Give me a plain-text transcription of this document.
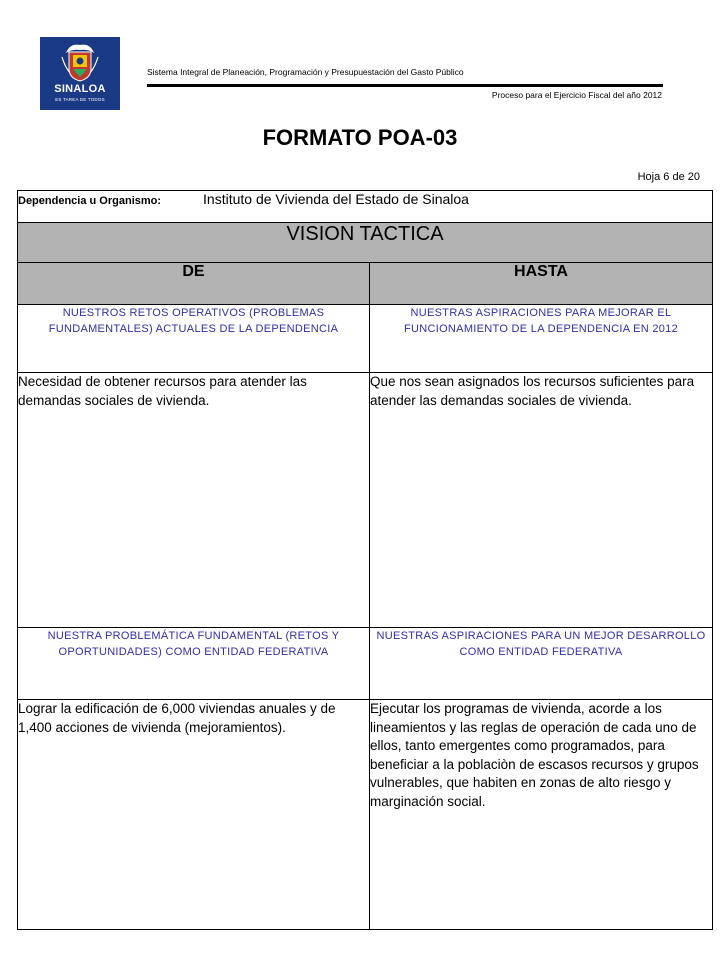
SINALOA
ES TAREA DE TODOS
Sistema Integral de Planeación, Programación y Presupuestación del Gasto Público
Proceso para el Ejercicio Fiscal del año 2012
FORMATO POA-03
Hoja 6 de 20
Dependencia u Organismo: Instituto de Vivienda del Estado de Sinaloa	
VISION TACTICA	
DE	HASTA
NUESTROS RETOS OPERATIVOS (PROBLEMAS FUNDAMENTALES) ACTUALES DE LA DEPENDENCIA	NUESTRAS ASPIRACIONES PARA MEJORAR EL FUNCIONAMIENTO DE LA DEPENDENCIA EN 2012
Necesidad de obtener recursos para atender las demandas sociales de vivienda.	Que nos sean asignados los recursos suficientes para atender las demandas sociales de vivienda.
NUESTRA PROBLEMÁTICA FUNDAMENTAL (RETOS Y OPORTUNIDADES) COMO ENTIDAD FEDERATIVA	NUESTRAS ASPIRACIONES PARA UN MEJOR DESARROLLO COMO ENTIDAD FEDERATIVA
Lograr la edificación de 6,000 viviendas anuales y de 1,400 acciones de vivienda (mejoramientos).	Ejecutar los programas de vivienda, acorde a los lineamientos y las reglas de operación de cada uno de ellos, tanto emergentes como programados, para beneficiar a la poblaciòn de escasos recursos y grupos vulnerables, que habiten en zonas de alto riesgo y marginación social.
